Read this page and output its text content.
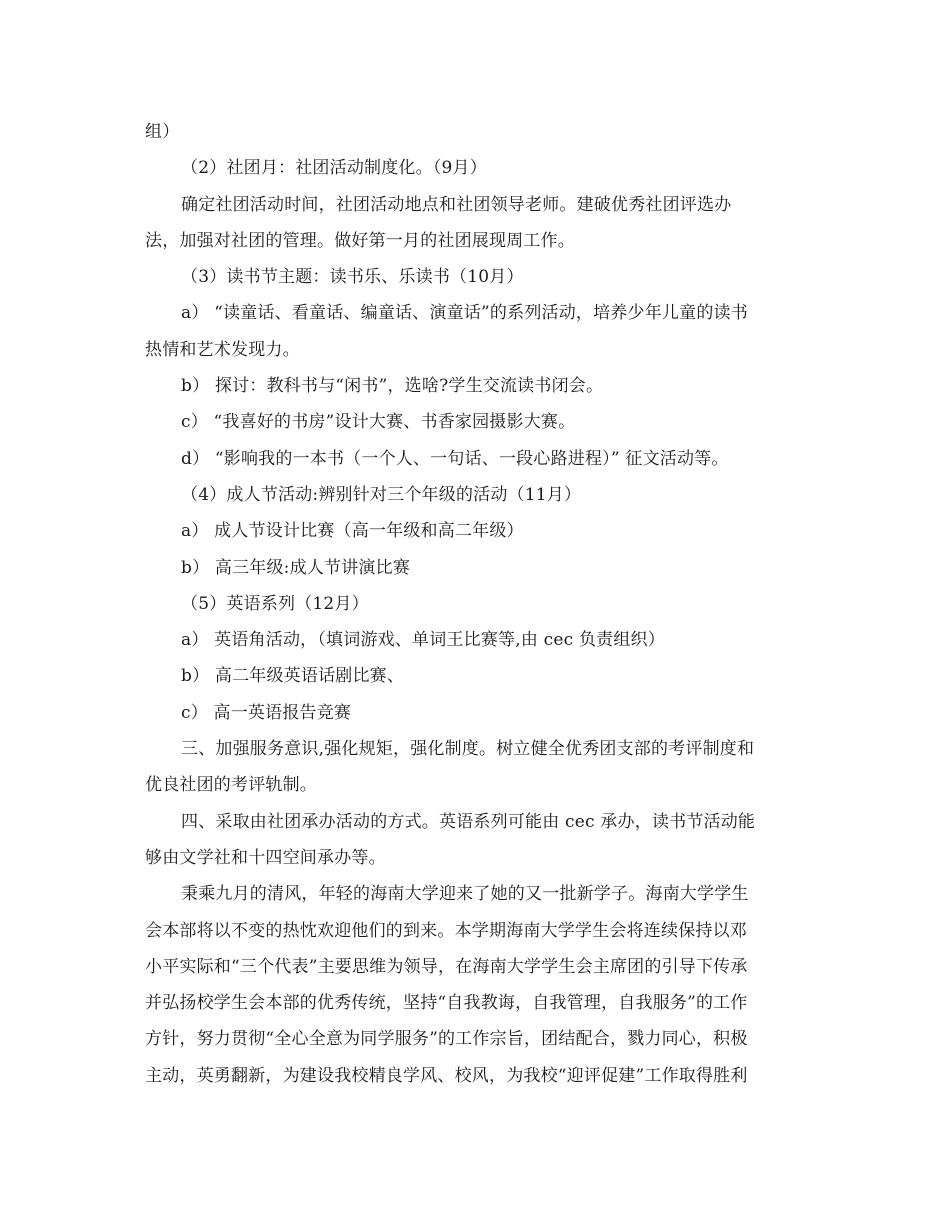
组）
（2）社团月：社团活动制度化。（9月）
确定社团活动时间，社团活动地点和社团领导老师。建破优秀社团评选办
法，加强对社团的管理。做好第一月的社团展现周工作。
（3）读书节主题：读书乐、乐读书（10月）
a） “读童话、看童话、编童话、演童话”的系列活动，培养少年儿童的读书
热情和艺术发现力。
b） 探讨：教科书与“闲书”，选啥?学生交流读书闭会。
c） “我喜好的书房”设计大赛、书香家园摄影大赛。
d） “影响我的一本书（一个人、一句话、一段心路进程）” 征文活动等。
（4）成人节活动:辨别针对三个年级的活动（11月）
a） 成人节设计比赛（高一年级和高二年级）
b） 高三年级:成人节讲演比赛
（5）英语系列（12月）
a） 英语角活动，（填词游戏、单词王比赛等,由 cec 负责组织）
b） 高二年级英语话剧比赛、
c） 高一英语报告竞赛
三、加强服务意识,强化规矩，强化制度。树立健全优秀团支部的考评制度和
优良社团的考评轨制。
四、采取由社团承办活动的方式。英语系列可能由 cec 承办，读书节活动能
够由文学社和十四空间承办等。
秉乘九月的清风，年轻的海南大学迎来了她的又一批新学子。海南大学学生
会本部将以不变的热忱欢迎他们的到来。本学期海南大学学生会将连续保持以邓
小平实际和“三个代表”主要思维为领导，在海南大学学生会主席团的引导下传承
并弘扬校学生会本部的优秀传统，坚持“自我教诲，自我管理，自我服务”的工作
方针，努力贯彻“全心全意为同学服务”的工作宗旨，团结配合，戮力同心，积极
主动，英勇翻新，为建设我校精良学风、校风，为我校“迎评促建”工作取得胜利
